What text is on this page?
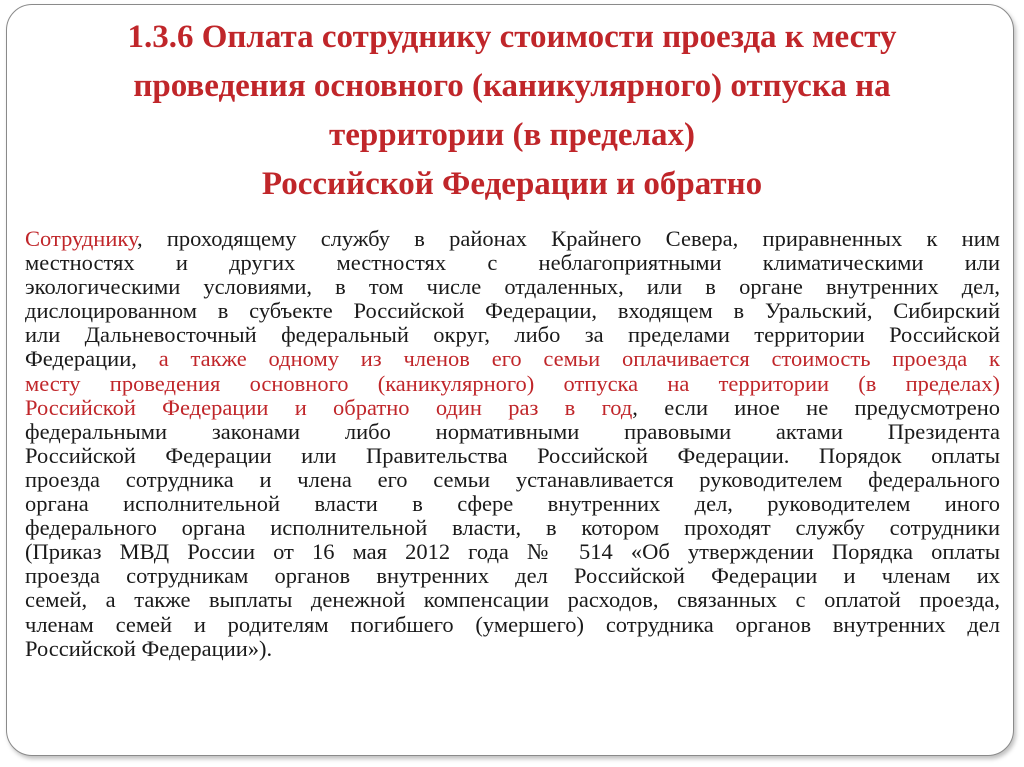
1.3.6 Оплата сотруднику стоимости проезда к месту
проведения основного (каникулярного) отпуска на
территории (в пределах)
Российской Федерации и обратно
Сотруднику, проходящему службу в районах Крайнего Севера, приравненных к ним
местностях и других местностях с неблагоприятными климатическими или
экологическими условиями, в том числе отдаленных, или в органе внутренних дел,
дислоцированном в субъекте Российской Федерации, входящем в Уральский, Сибирский
или Дальневосточный федеральный округ, либо за пределами территории Российской
Федерации, а также одному из членов его семьи оплачивается стоимость проезда к
месту проведения основного (каникулярного) отпуска на территории (в пределах)
Российской Федерации и обратно один раз в год, если иное не предусмотрено
федеральными законами либо нормативными правовыми актами Президента
Российской Федерации или Правительства Российской Федерации. Порядок оплаты
проезда сотрудника и члена его семьи устанавливается руководителем федерального
органа исполнительной власти в сфере внутренних дел, руководителем иного
федерального органа исполнительной власти, в котором проходят службу сотрудники
(Приказ МВД России от 16 мая 2012 года № 514 «Об утверждении Порядка оплаты
проезда сотрудникам органов внутренних дел Российской Федерации и членам их
семей, а также выплаты денежной компенсации расходов, связанных с оплатой проезда,
членам семей и родителям погибшего (умершего) сотрудника органов внутренних дел
Российской Федерации»).
